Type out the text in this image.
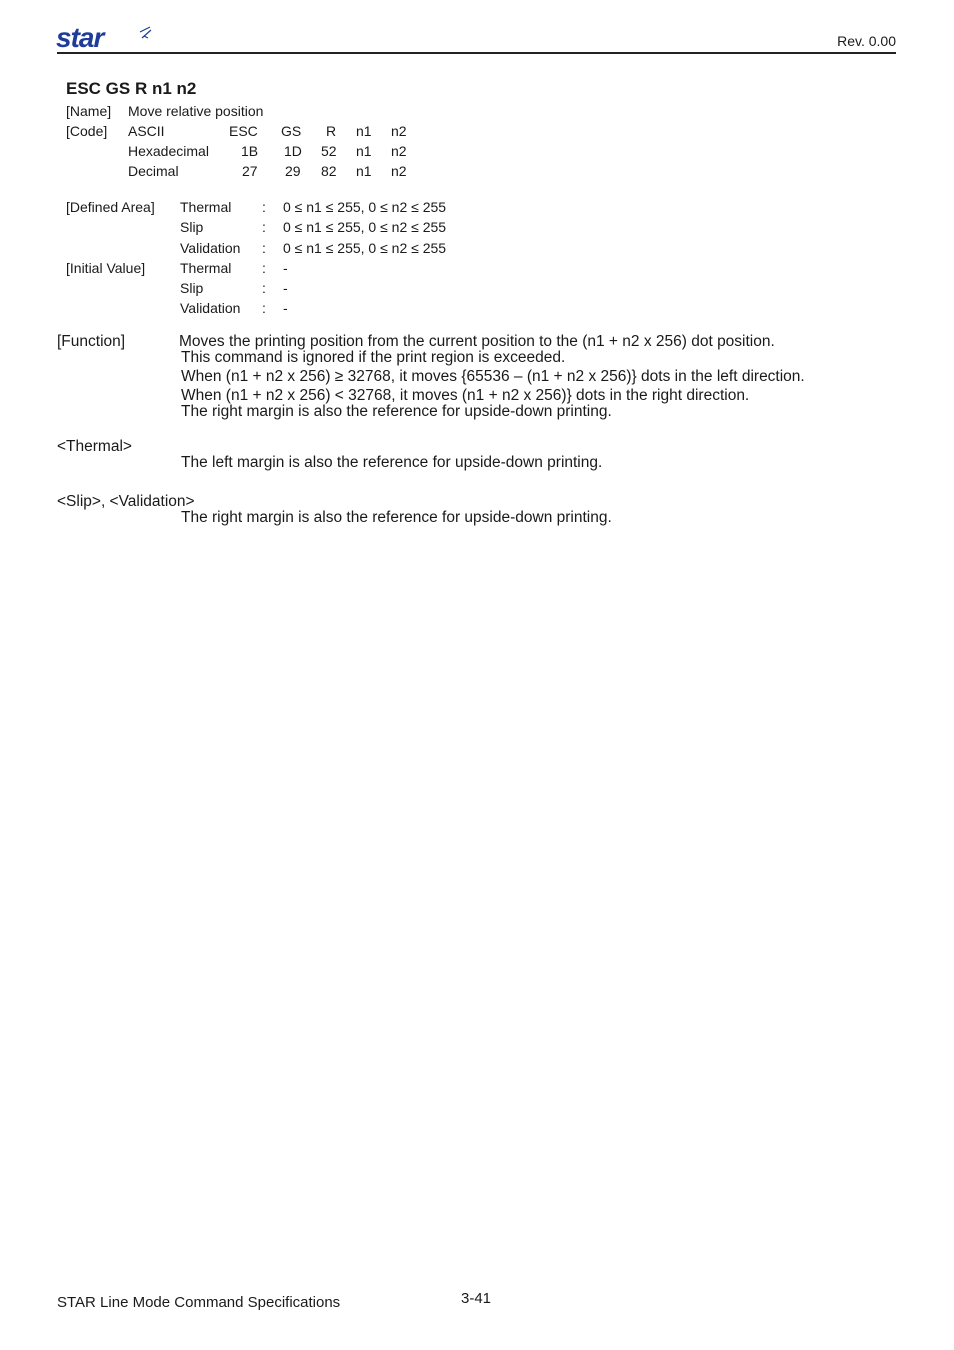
star	Rev. 0.00
ESC GS R n1 n2
[Name] Move relative position
[Code] ASCII	ESC GS R n1 n2
Hexadecimal 1B 1D 52 n1 n2
Decimal	27 29 82 n1 n2
[Defined Area] Thermal : 0 ≤ n1 ≤ 255, 0 ≤ n2 ≤ 255
Slip	: 0 ≤ n1 ≤ 255, 0 ≤ n2 ≤ 255
Validation : 0 ≤ n1 ≤ 255, 0 ≤ n2 ≤ 255
[Initial Value] Thermal : -
Slip	: -
Validation : -
[Function]	Moves the printing position from the current position to the (n1 + n2 x 256) dot position.
This command is ignored if the print region is exceeded.
When (n1 + n2 x 256) ≥ 32768, it moves {65536 – (n1 + n2 x 256)} dots in the left direction.
When (n1 + n2 x 256) < 32768, it moves (n1 + n2 x 256)} dots in the right direction.
The right margin is also the reference for upside-down printing.
<Thermal>
The left margin is also the reference for upside-down printing.
<Slip>, <Validation>
The right margin is also the reference for upside-down printing.
STAR Line Mode Command Specifications	3-41
